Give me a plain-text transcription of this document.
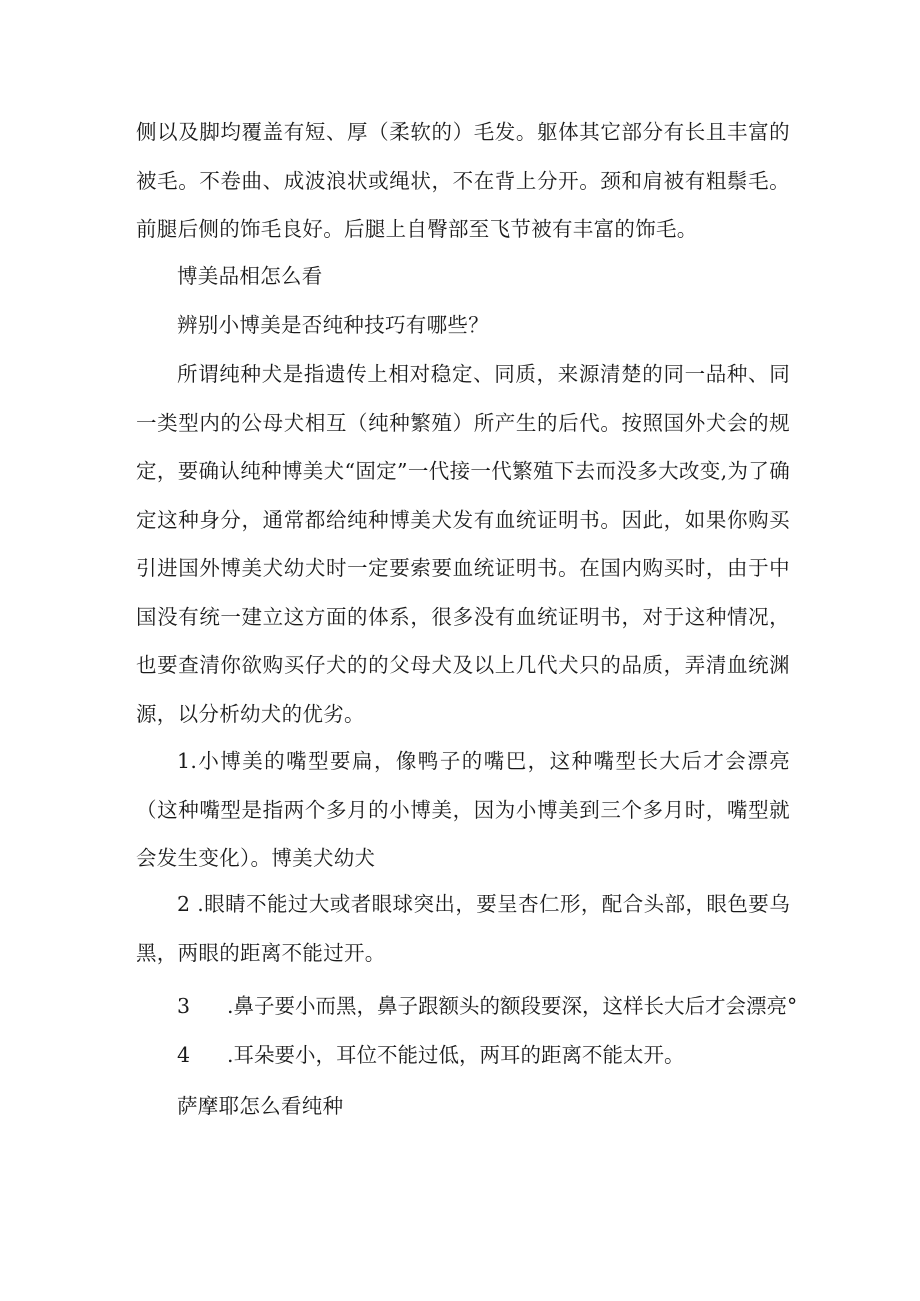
侧以及脚均覆盖有短、厚（柔软的）毛发。躯体其它部分有长且丰富的被毛。不卷曲、成波浪状或绳状，不在背上分开。颈和肩被有粗鬃毛。前腿后侧的饰毛良好。后腿上自臀部至飞节被有丰富的饰毛。

博美品相怎么看

辨别小博美是否纯种技巧有哪些？

所谓纯种犬是指遗传上相对稳定、同质，来源清楚的同一品种、同一类型内的公母犬相互（纯种繁殖）所产生的后代。按照国外犬会的规定，要确认纯种博美犬“固定”一代接一代繁殖下去而没多大改变,为了确定这种身分，通常都给纯种博美犬发有血统证明书。因此，如果你购买引进国外博美犬幼犬时一定要索要血统证明书。在国内购买时，由于中国没有统一建立这方面的体系，很多没有血统证明书，对于这种情况，也要查清你欲购买仔犬的的父母犬及以上几代犬只的品质，弄清血统渊源，以分析幼犬的优劣。

1.小博美的嘴型要扁，像鸭子的嘴巴，这种嘴型长大后才会漂亮（这种嘴型是指两个多月的小博美，因为小博美到三个多月时，嘴型就会发生变化）。博美犬幼犬

2 .眼睛不能过大或者眼球突出，要呈杏仁形，配合头部，眼色要乌黑，两眼的距离不能过开。

3 .鼻子要小而黑，鼻子跟额头的额段要深，这样长大后才会漂亮°

4 .耳朵要小，耳位不能过低，两耳的距离不能太开。

萨摩耶怎么看纯种
